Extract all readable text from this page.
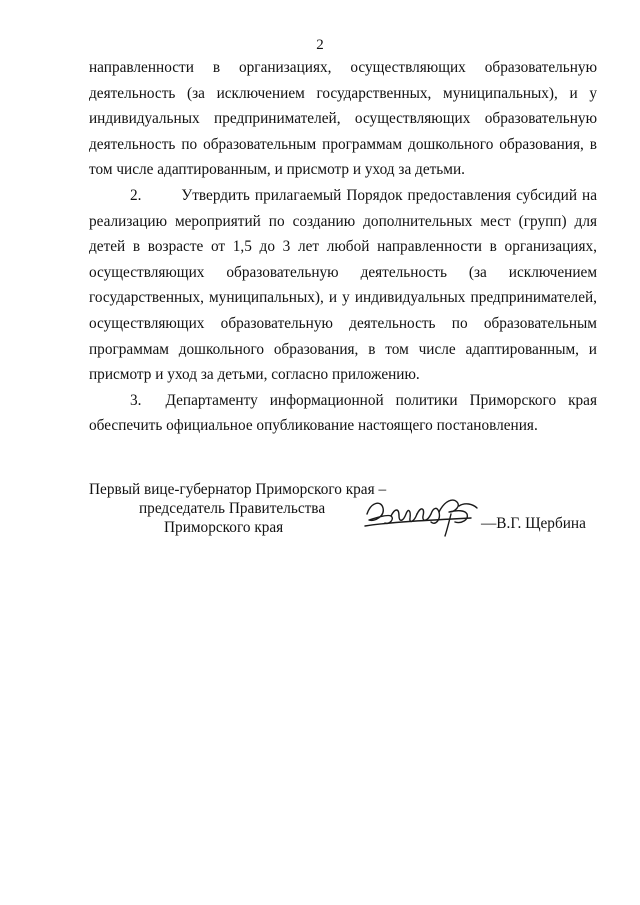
2

направленности в организациях, осуществляющих образовательную деятельность (за исключением государственных, муниципальных), и у индивидуальных предпринимателей, осуществляющих образовательную деятельность по образовательным программам дошкольного образования, в том числе адаптированным, и присмотр и уход за детьми.

2.	Утвердить прилагаемый Порядок предоставления субсидий на реализацию мероприятий по созданию дополнительных мест (групп) для детей в возрасте от 1,5 до 3 лет любой направленности в организациях, осуществляющих образовательную деятельность (за исключением государственных, муниципальных), и у индивидуальных предпринимателей, осуществляющих образовательную деятельность по образовательным программам дошкольного образования, в том числе адаптированным, и присмотр и уход за детьми, согласно приложению.

3. Департаменту информационной политики Приморского края обеспечить официальное опубликование настоящего постановления.

Первый вице-губернатор Приморского края –
председатель Правительства
Приморского края	—В.Г. Щербина
